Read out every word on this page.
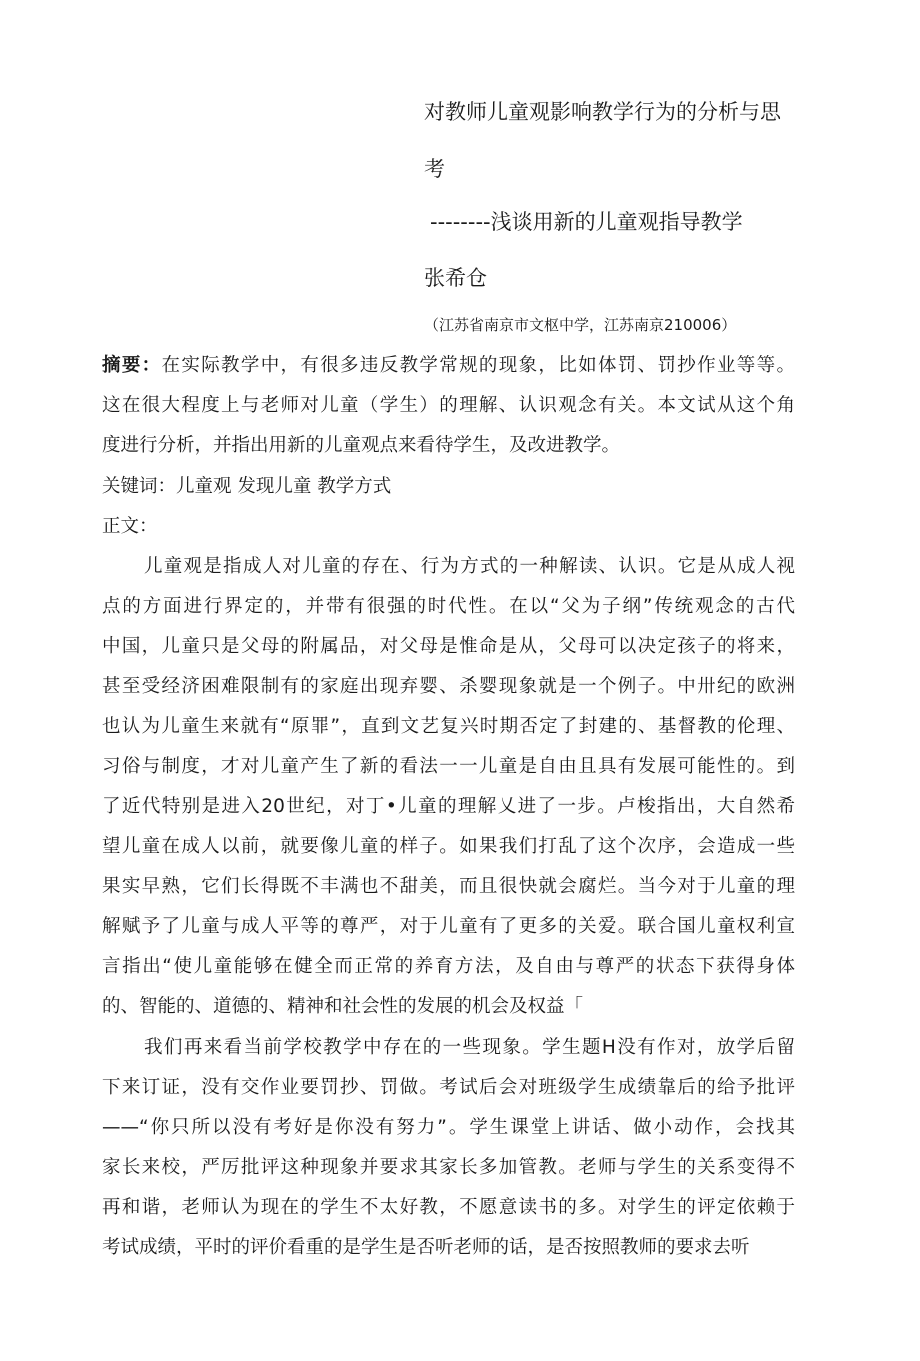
对教师儿童观影响教学行为的分析与思
考
--------浅谈用新的儿童观指导教学
张希仓
（江苏省南京市文枢中学，江苏南京210006）
摘要：在实际教学中，有很多违反教学常规的现象，比如体罚、罚抄作业等等。
这在很大程度上与老师对儿童（学生）的理解、认识观念有关。本文试从这个角
度进行分析，并指出用新的儿童观点来看待学生，及改进教学。
关键词：儿童观 发现儿童 教学方式
正文：
儿童观是指成人对儿童的存在、行为方式的一种解读、认识。它是从成人视
点的方面进行界定的，并带有很强的时代性。在以“父为子纲”传统观念的古代
中国，儿童只是父母的附属品，对父母是惟命是从，父母可以决定孩子的将来，
甚至受经济困难限制有的家庭出现弃婴、杀婴现象就是一个例子。中卅纪的欧洲
也认为儿童生来就有“原罪”，直到文艺复兴时期否定了封建的、基督教的伦理、
习俗与制度，才对儿童产生了新的看法一一儿童是自由且具有发展可能性的。到
了近代特别是进入20世纪，对丁•儿童的理解乂进了一步。卢梭指出，大自然希
望儿童在成人以前，就要像儿童的样子。如果我们打乱了这个次序，会造成一些
果实早熟，它们长得既不丰满也不甜美，而且很快就会腐烂。当今对于儿童的理
解赋予了儿童与成人平等的尊严，对于儿童有了更多的关爱。联合国儿童权利宣
言指出“使儿童能够在健全而正常的养育方法，及自由与尊严的状态下获得身体
的、智能的、道德的、精神和社会性的发展的机会及权益「
我们再来看当前学校教学中存在的一些现象。学生题H没有作对，放学后留
下来订证，没有交作业要罚抄、罚做。考试后会对班级学生成绩靠后的给予批评
——“你只所以没有考好是你没有努力”。学生课堂上讲话、做小动作，会找其
家长来校，严厉批评这种现象并要求其家长多加管教。老师与学生的关系变得不
再和谐，老师认为现在的学生不太好教，不愿意读书的多。对学生的评定依赖于
考试成绩，平时的评价看重的是学生是否听老师的话，是否按照教师的要求去听
